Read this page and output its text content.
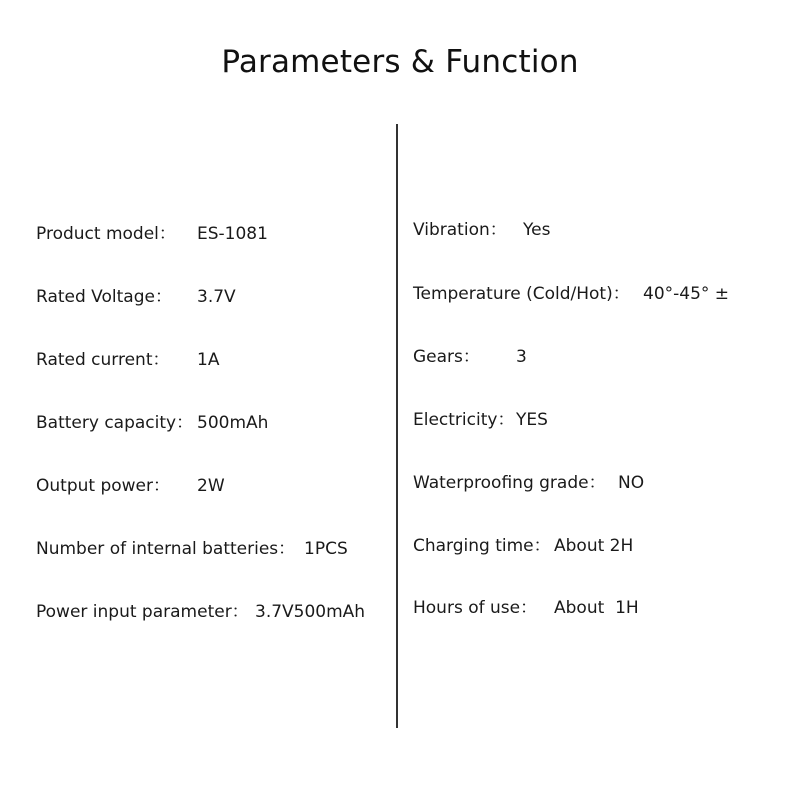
Parameters & Function
Product model： ES-1081
Rated Voltage： 3.7V
Rated current： 1A
Battery capacity： 500mAh
Output power： 2W
Number of internal batteries： 1PCS
Power input parameter： 3.7V500mAh
Vibration： Yes
Temperature (Cold/Hot)： 40°-45° ±
Gears： 3
Electricity： YES
Waterproofing grade： NO
Charging time： About 2H
Hours of use： About  1H
